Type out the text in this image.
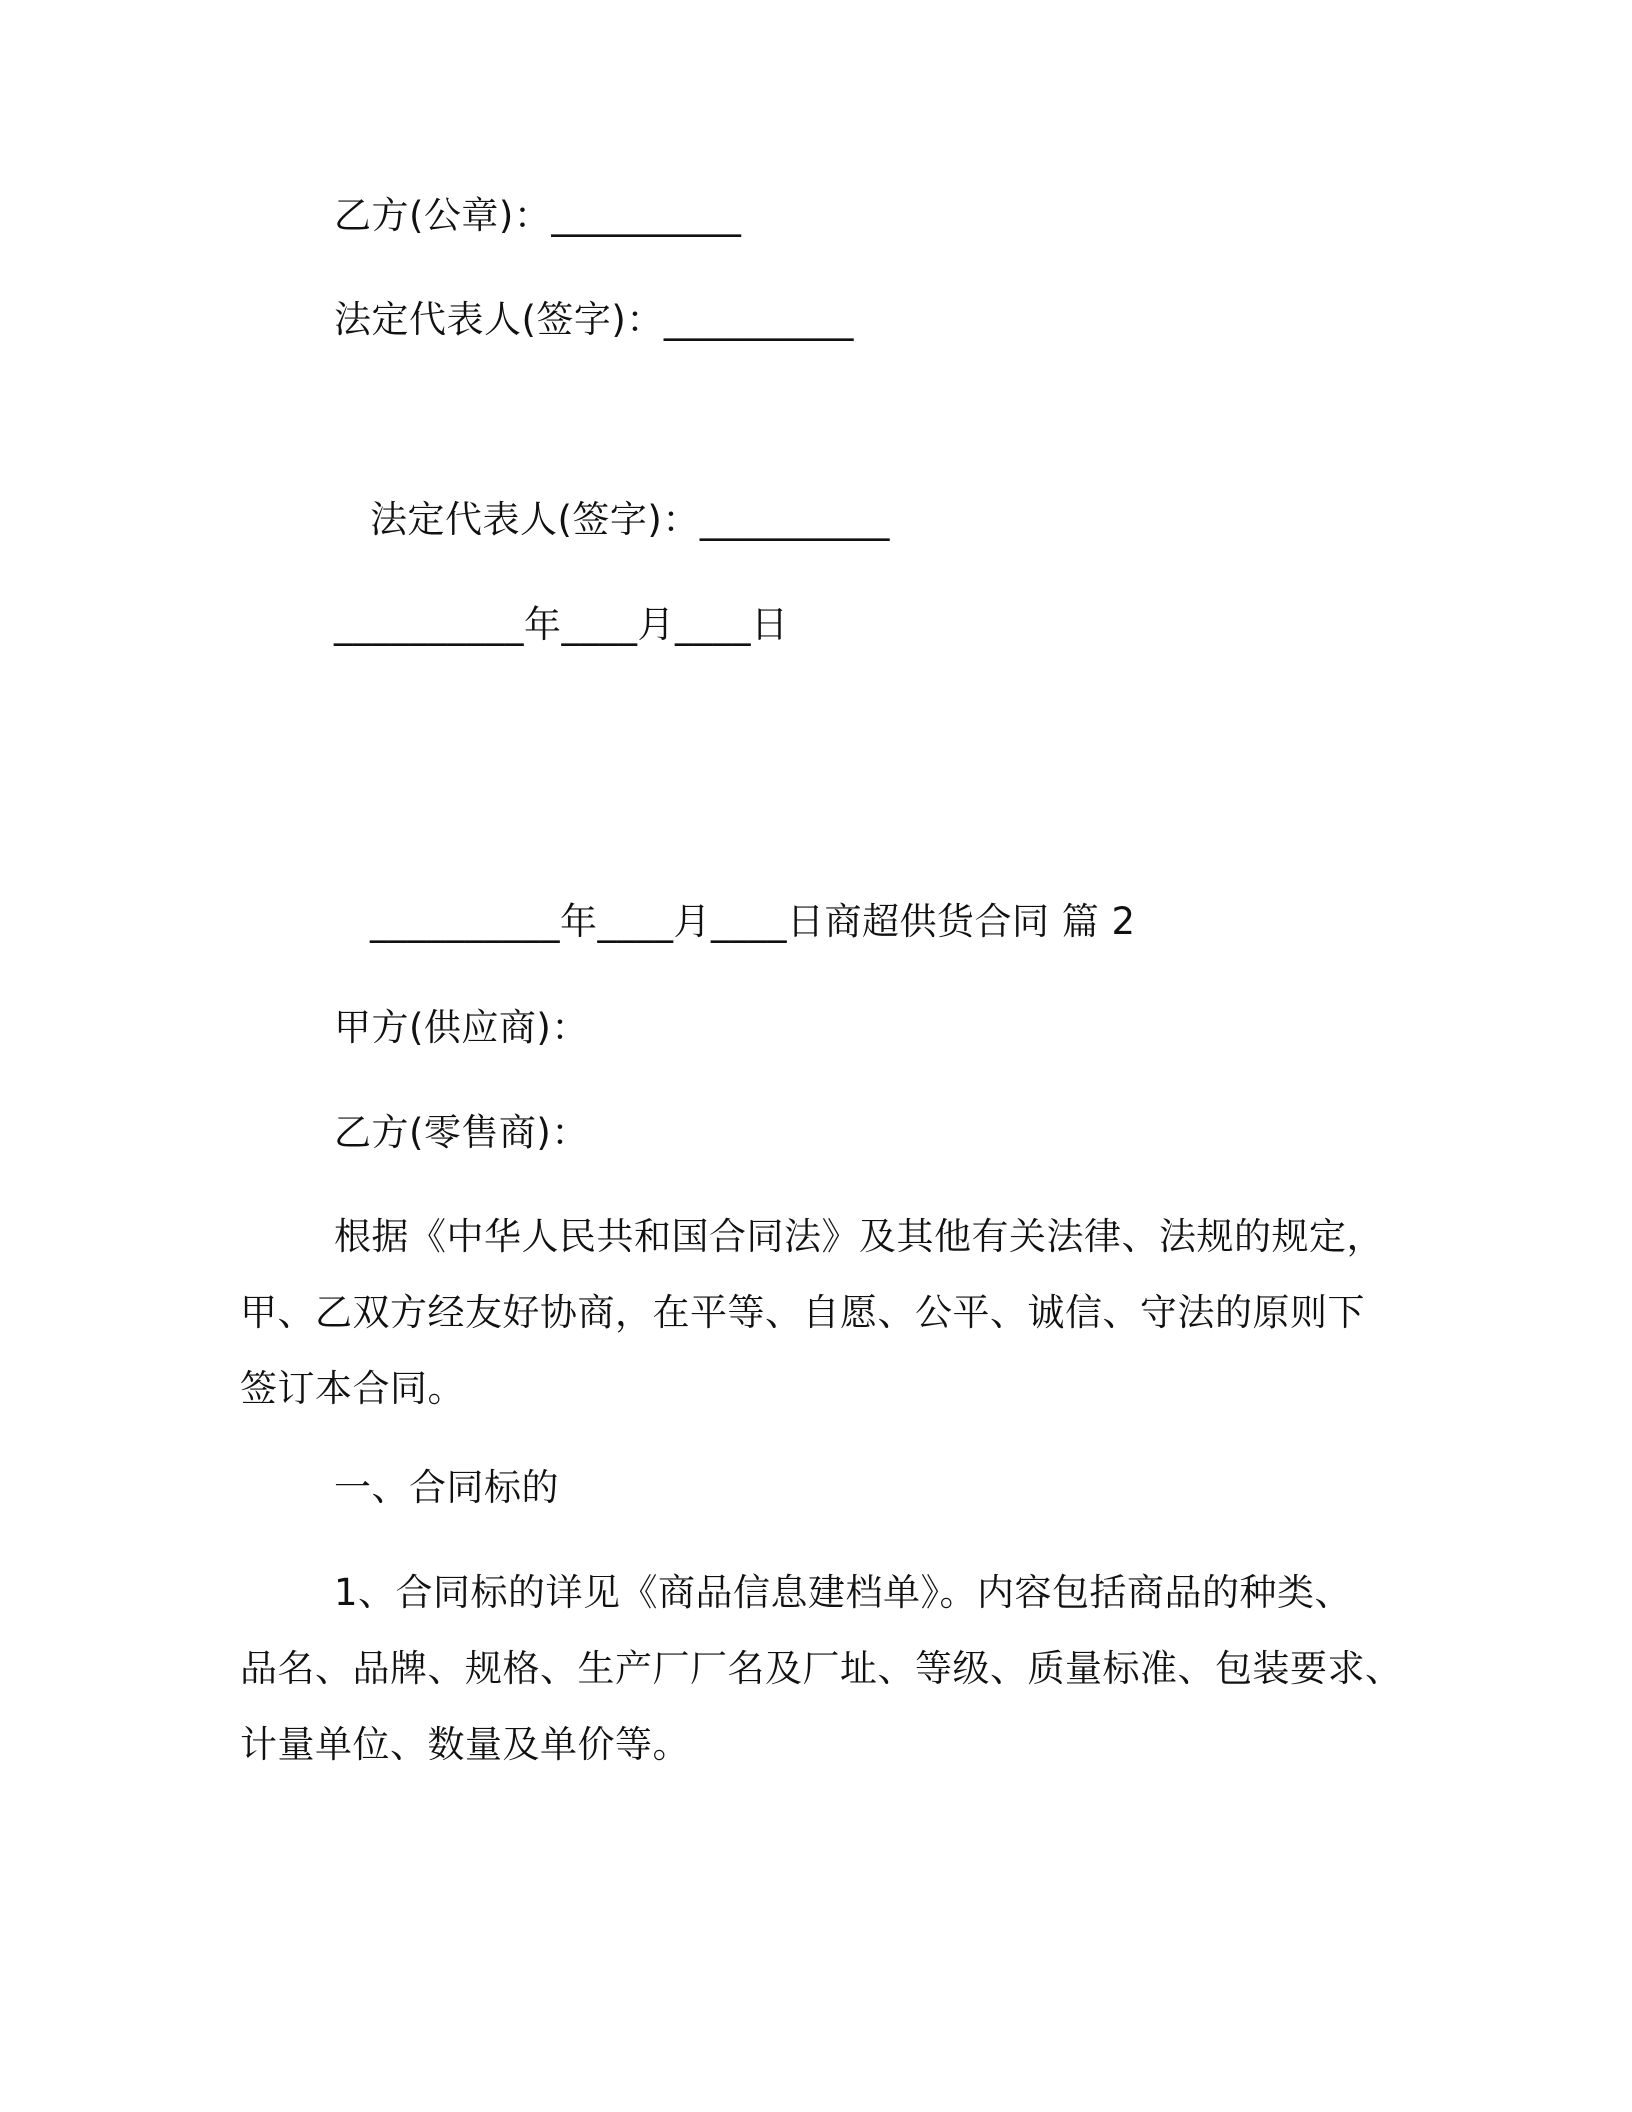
乙方(公章)：__________

法定代表人(签字)：__________

法定代表人(签字)：__________

__________年____月____日

__________年____月____日商超供货合同 篇 2

甲方(供应商)：

乙方(零售商)：

根据《中华人民共和国合同法》及其他有关法律、法规的规定，
甲、乙双方经友好协商，在平等、自愿、公平、诚信、守法的原则下
签订本合同。
一、合同标的
1、合同标的详见《商品信息建档单》。内容包括商品的种类、
品名、品牌、规格、生产厂厂名及厂址、等级、质量标准、包装要求、
计量单位、数量及单价等。
